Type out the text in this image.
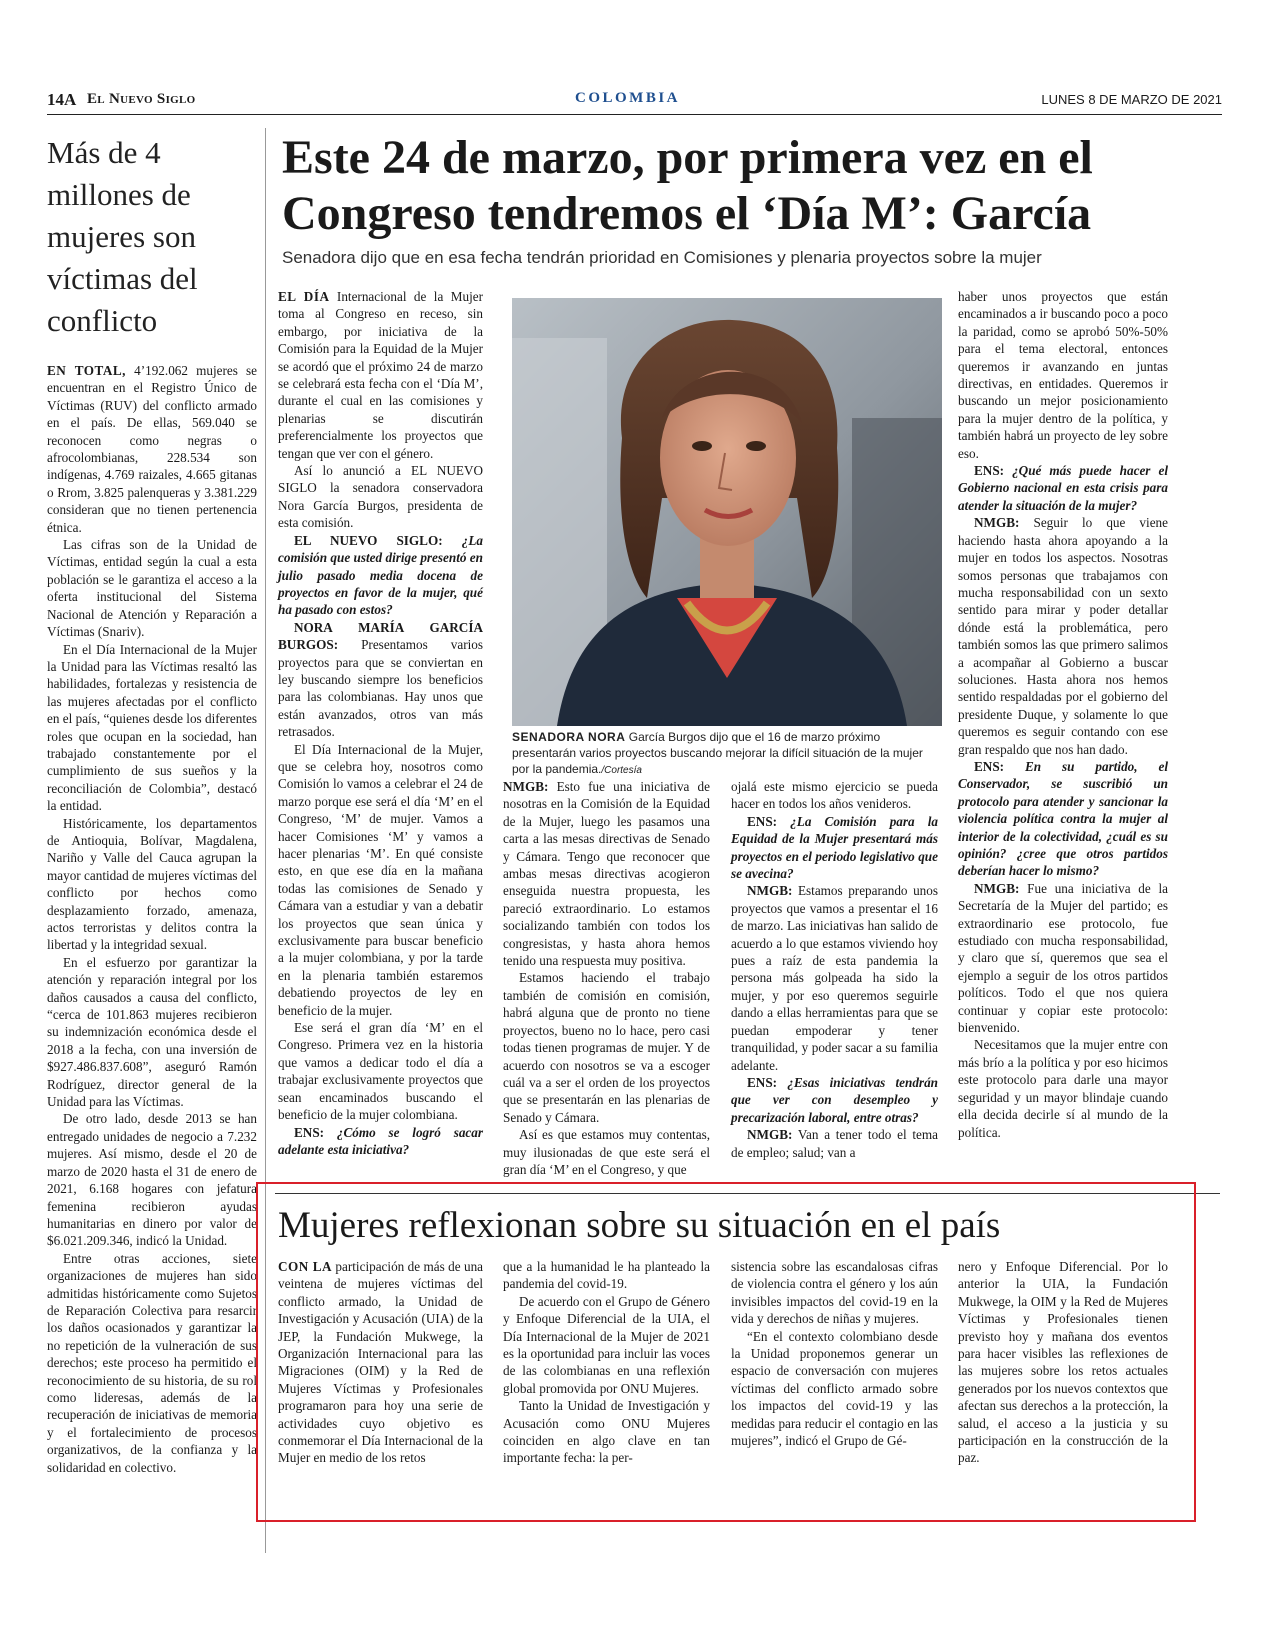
14A El Nuevo Siglo	COLOMBIA	LUNES 8 DE MARZO DE 2021
Más de 4 millones de mujeres son víctimas del conflicto

EN TOTAL, 4’192.062 mujeres se encuentran en el Registro Único de Víctimas (RUV) del conflicto armado en el país. De ellas, 569.040 se reconocen como negras o afrocolombianas, 228.534 son indígenas, 4.769 raizales, 4.665 gitanas o Rrom, 3.825 palenqueras y 3.381.229 consideran que no tienen pertenencia étnica.

Las cifras son de la Unidad de Víctimas, entidad según la cual a esta población se le garantiza el acceso a la oferta institucional del Sistema Nacional de Atención y Reparación a Víctimas (Snariv).

En el Día Internacional de la Mujer la Unidad para las Víctimas resaltó las habilidades, fortalezas y resistencia de las mujeres afectadas por el conflicto en el país, “quienes desde los diferentes roles que ocupan en la sociedad, han trabajado constantemente por el cumplimiento de sus sueños y la reconciliación de Colombia”, destacó la entidad.

Históricamente, los departamentos de Antioquia, Bolívar, Magdalena, Nariño y Valle del Cauca agrupan la mayor cantidad de mujeres víctimas del conflicto por hechos como desplazamiento forzado, amenaza, actos terroristas y delitos contra la libertad y la integridad sexual.

En el esfuerzo por garantizar la atención y reparación integral por los daños causados a causa del conflicto, “cerca de 101.863 mujeres recibieron su indemnización económica desde el 2018 a la fecha, con una inversión de $927.486.837.608”, aseguró Ramón Rodríguez, director general de la Unidad para las Víctimas.

De otro lado, desde 2013 se han entregado unidades de negocio a 7.232 mujeres. Así mismo, desde el 20 de marzo de 2020 hasta el 31 de enero de 2021, 6.168 hogares con jefatura femenina recibieron ayudas humanitarias en dinero por valor de $6.021.209.346, indicó la Unidad.

Entre otras acciones, siete organizaciones de mujeres han sido admitidas históricamente como Sujetos de Reparación Colectiva para resarcir los daños ocasionados y garantizar la no repetición de la vulneración de sus derechos; este proceso ha permitido el reconocimiento de su historia, de su rol como lideresas, además de la recuperación de iniciativas de memoria y el fortalecimiento de procesos organizativos, de la confianza y la solidaridad en colectivo.

Este 24 de marzo, por primera vez en el Congreso tendremos el ‘Día M’: García

Senadora dijo que en esa fecha tendrán prioridad en Comisiones y plenaria proyectos sobre la mujer

EL DÍA Internacional de la Mujer toma al Congreso en receso, sin embargo, por iniciativa de la Comisión para la Equidad de la Mujer se acordó que el próximo 24 de marzo se celebrará esta fecha con el ‘Día M’, durante el cual en las comisiones y plenarias se discutirán preferencialmente los proyectos que tengan que ver con el género.

Así lo anunció a EL NUEVO SIGLO la senadora conservadora Nora García Burgos, presidenta de esta comisión.

EL NUEVO SIGLO: ¿La comisión que usted dirige presentó en julio pasado media docena de proyectos en favor de la mujer, qué ha pasado con estos?

NORA MARÍA GARCÍA BURGOS: Presentamos varios proyectos para que se conviertan en ley buscando siempre los beneficios para las colombianas. Hay unos que están avanzados, otros van más retrasados.

El Día Internacional de la Mujer, que se celebra hoy, nosotros como Comisión lo vamos a celebrar el 24 de marzo porque ese será el día ‘M’ en el Congreso, ‘M’ de mujer. Vamos a hacer Comisiones ‘M’ y vamos a hacer plenarias ‘M’. En qué consiste esto, en que ese día en la mañana todas las comisiones de Senado y Cámara van a estudiar y van a debatir los proyectos que sean única y exclusivamente para buscar beneficio a la mujer colombiana, y por la tarde en la plenaria también estaremos debatiendo proyectos de ley en beneficio de la mujer.

Ese será el gran día ‘M’ en el Congreso. Primera vez en la historia que vamos a dedicar todo el día a trabajar exclusivamente proyectos que sean encaminados buscando el beneficio de la mujer colombiana.

ENS: ¿Cómo se logró sacar adelante esta iniciativa?

SENADORA NORA García Burgos dijo que el 16 de marzo próximo presentarán varios proyectos buscando mejorar la difícil situación de la mujer por la pandemia./Cortesía

NMGB: Esto fue una iniciativa de nosotras en la Comisión de la Equidad de la Mujer, luego les pasamos una carta a las mesas directivas de Senado y Cámara. Tengo que reconocer que ambas mesas directivas acogieron enseguida nuestra propuesta, les pareció extraordinario. Lo estamos socializando también con todos los congresistas, y hasta ahora hemos tenido una respuesta muy positiva.

Estamos haciendo el trabajo también de comisión en comisión, habrá alguna que de pronto no tiene proyectos, bueno no lo hace, pero casi todas tienen programas de mujer. Y de acuerdo con nosotros se va a escoger cuál va a ser el orden de los proyectos que se presentarán en las plenarias de Senado y Cámara.

Así es que estamos muy contentas, muy ilusionadas de que este será el gran día ‘M’ en el Congreso, y que

ojalá este mismo ejercicio se pueda hacer en todos los años venideros.

ENS: ¿La Comisión para la Equidad de la Mujer presentará más proyectos en el periodo legislativo que se avecina?

NMGB: Estamos preparando unos proyectos que vamos a presentar el 16 de marzo. Las iniciativas han salido de acuerdo a lo que estamos viviendo hoy pues a raíz de esta pandemia la persona más golpeada ha sido la mujer, y por eso queremos seguirle dando a ellas herramientas para que se puedan empoderar y tener tranquilidad, y poder sacar a su familia adelante.

ENS: ¿Esas iniciativas tendrán que ver con desempleo y precarización laboral, entre otras?

NMGB: Van a tener todo el tema de empleo; salud; van a

haber unos proyectos que están encaminados a ir buscando poco a poco la paridad, como se aprobó 50%-50% para el tema electoral, entonces queremos ir avanzando en juntas directivas, en entidades. Queremos ir buscando un mejor posicionamiento para la mujer dentro de la política, y también habrá un proyecto de ley sobre eso.

ENS: ¿Qué más puede hacer el Gobierno nacional en esta crisis para atender la situación de la mujer?

NMGB: Seguir lo que viene haciendo hasta ahora apoyando a la mujer en todos los aspectos. Nosotras somos personas que trabajamos con mucha responsabilidad con un sexto sentido para mirar y poder detallar dónde está la problemática, pero también somos las que primero salimos a acompañar al Gobierno a buscar soluciones. Hasta ahora nos hemos sentido respaldadas por el gobierno del presidente Duque, y solamente lo que queremos es seguir contando con ese gran respaldo que nos han dado.

ENS: En su partido, el Conservador, se suscribió un protocolo para atender y sancionar la violencia política contra la mujer al interior de la colectividad, ¿cuál es su opinión? ¿cree que otros partidos deberían hacer lo mismo?

NMGB: Fue una iniciativa de la Secretaría de la Mujer del partido; es extraordinario ese protocolo, fue estudiado con mucha responsabilidad, y claro que sí, queremos que sea el ejemplo a seguir de los otros partidos políticos. Todo el que nos quiera continuar y copiar este protocolo: bienvenido.

Necesitamos que la mujer entre con más brío a la política y por eso hicimos este protocolo para darle una mayor seguridad y un mayor blindaje cuando ella decida decirle sí al mundo de la política.

Mujeres reflexionan sobre su situación en el país

CON LA participación de más de una veintena de mujeres víctimas del conflicto armado, la Unidad de Investigación y Acusación (UIA) de la JEP, la Fundación Mukwege, la Organización Internacional para las Migraciones (OIM) y la Red de Mujeres Víctimas y Profesionales programaron para hoy una serie de actividades cuyo objetivo es conmemorar el Día Internacional de la Mujer en medio de los retos

que a la humanidad le ha planteado la pandemia del covid-19.

De acuerdo con el Grupo de Género y Enfoque Diferencial de la UIA, el Día Internacional de la Mujer de 2021 es la oportunidad para incluir las voces de las colombianas en una reflexión global promovida por ONU Mujeres.

Tanto la Unidad de Investigación y Acusación como ONU Mujeres coinciden en algo clave en tan importante fecha: la per-

sistencia sobre las escandalosas cifras de violencia contra el género y los aún invisibles impactos del covid-19 en la vida y derechos de niñas y mujeres.

“En el contexto colombiano desde la Unidad proponemos generar un espacio de conversación con mujeres víctimas del conflicto armado sobre los impactos del covid-19 y las medidas para reducir el contagio en las mujeres”, indicó el Grupo de Gé-

nero y Enfoque Diferencial. Por lo anterior la UIA, la Fundación Mukwege, la OIM y la Red de Mujeres Víctimas y Profesionales tienen previsto hoy y mañana dos eventos para hacer visibles las reflexiones de las mujeres sobre los retos actuales generados por los nuevos contextos que afectan sus derechos a la protección, la salud, el acceso a la justicia y su participación en la construcción de la paz.
